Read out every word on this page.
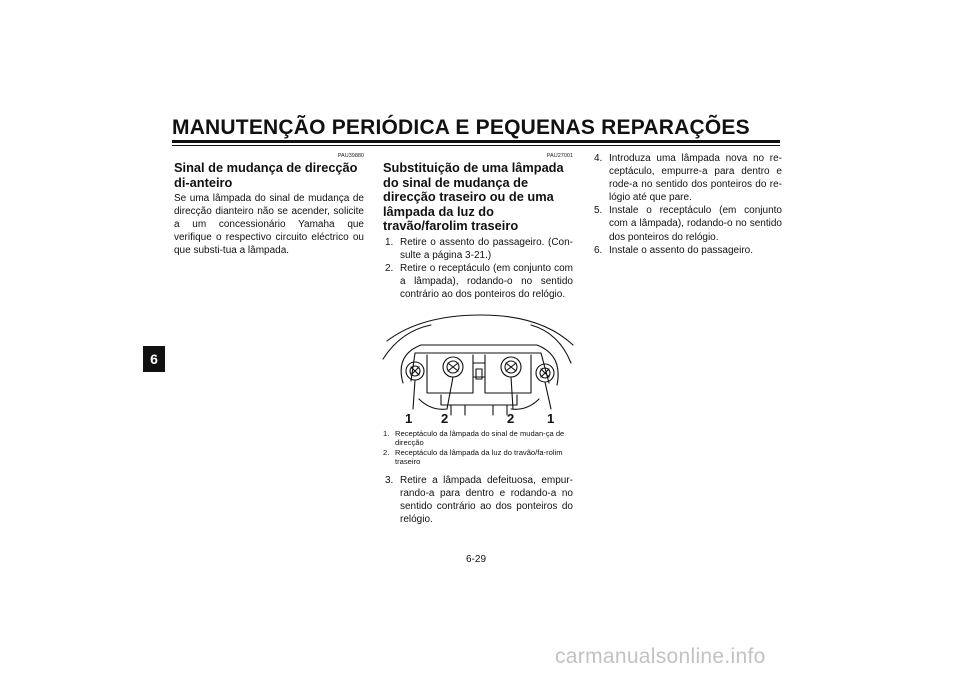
MANUTENÇÃO PERIÓDICA E PEQUENAS REPARAÇÕES
6
PAU39880
Sinal de mudança de direcção di-anteiro
Se uma lâmpada do sinal de mudança de direcção dianteiro não se acender, solicite a um concessionário Yamaha que verifique o respectivo circuito eléctrico ou que substi-tua a lâmpada.
PAU27001
Substituição de uma lâmpada do sinal de mudança de direcção traseiro ou de uma lâmpada da luz do travão/farolim traseiro
1. Retire o assento do passageiro. (Con-sulte a página 3-21.)
2. Retire o receptáculo (em conjunto com a lâmpada), rodando-o no sentido contrário ao dos ponteiros do relógio.
1 2	2	1
1. Receptáculo da lâmpada do sinal de mudan-ça de direcção
2. Receptáculo da lâmpada da luz do travão/fa-rolim traseiro
3. Retire a lâmpada defeituosa, empur-rando-a para dentro e rodando-a no sentido contrário ao dos ponteiros do relógio.
4. Introduza uma lâmpada nova no re-ceptáculo, empurre-a para dentro e rode-a no sentido dos ponteiros do re-lógio até que pare.
5. Instale o receptáculo (em conjunto com a lâmpada), rodando-o no sentido dos ponteiros do relógio.
6. Instale o assento do passageiro.
6-29
carmanualsonline.info
